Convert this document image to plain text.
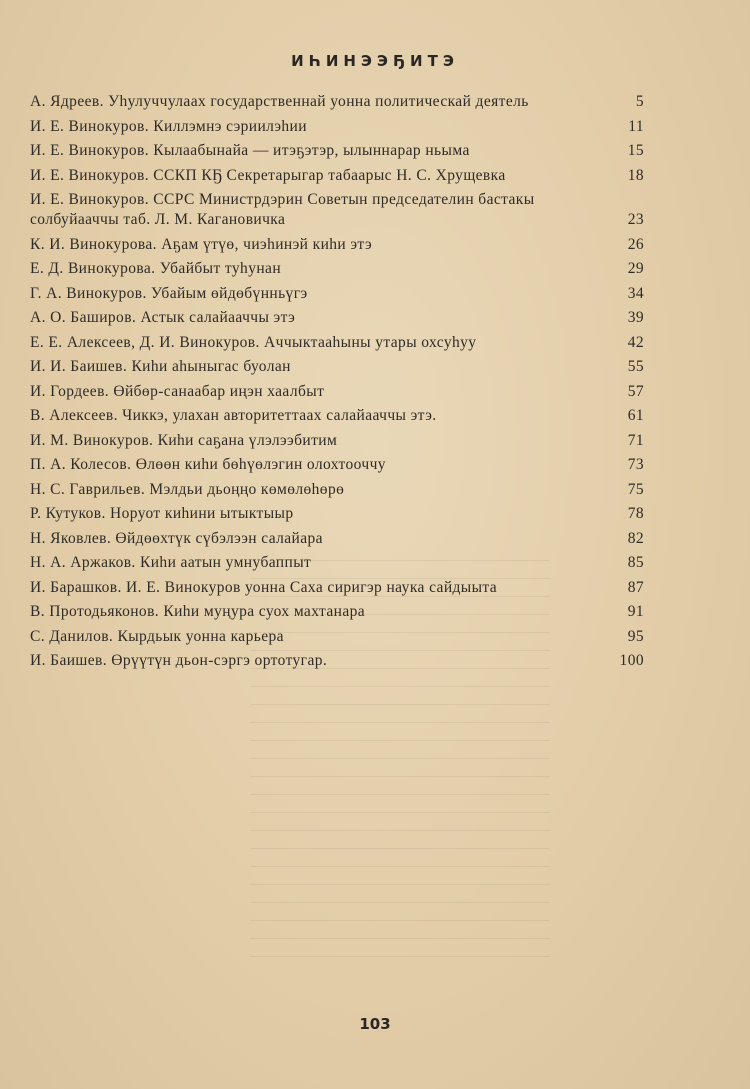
ИҺИНЭЭҔИТЭ
А. Ядреев. Уһулуччулаах государственнай уонна политическай деятель	5
И. Е. Винокуров. Киллэмнэ сэриилэһии	11
И. Е. Винокуров. Кылаабынайа — итэҕэтэр, ылыннарар ньыма	15
И. Е. Винокуров. ССКП КҔ Секретарыгар табаарыс Н. С. Хрущевка	18
И. Е. Винокуров. ССРС Министрдэрин Советын председателин бастакы солбуйааччы таб. Л. М. Кагановичка	23
К. И. Винокурова. Аҕам үтүө, чиэһинэй киһи этэ	26
Е. Д. Винокурова. Убайбыт туһунан	29
Г. А. Винокуров. Убайым өйдөбүнньүгэ	34
А. О. Баширов. Астык салайааччы этэ	39
Е. Е. Алексеев, Д. И. Винокуров. Аччыктааһыны утары охсуһуу	42
И. И. Баишев. Киһи аһыныгас буолан	55
И. Гордеев. Өйбөр-санаабар иңэн хаалбыт	57
В. Алексеев. Чиккэ, улахан авторитеттаах салайааччы этэ.	61
И. М. Винокуров. Киһи саҕана үлэлээбитим	71
П. А. Колесов. Өлөөн киһи бөһүөлэгин олохтооччу	73
Н. С. Гаврильев. Мэлдьи дьоңңо көмөлөһөрө	75
Р. Кутуков. Норуот киһини ытыктыыр	78
Н. Яковлев. Өйдөөхтүк сүбэлээн салайара	82
Н. А. Аржаков. Киһи аатын умнубаппыт	85
И. Барашков. И. Е. Винокуров уонна Саха сиригэр наука сайдыыта	87
В. Протодьяконов. Киһи муңура суох махтанара	91
С. Данилов. Кырдьык уонна карьера	95
И. Баишев. Өрүүтүн дьон-сэргэ ортотугар.	100
103
